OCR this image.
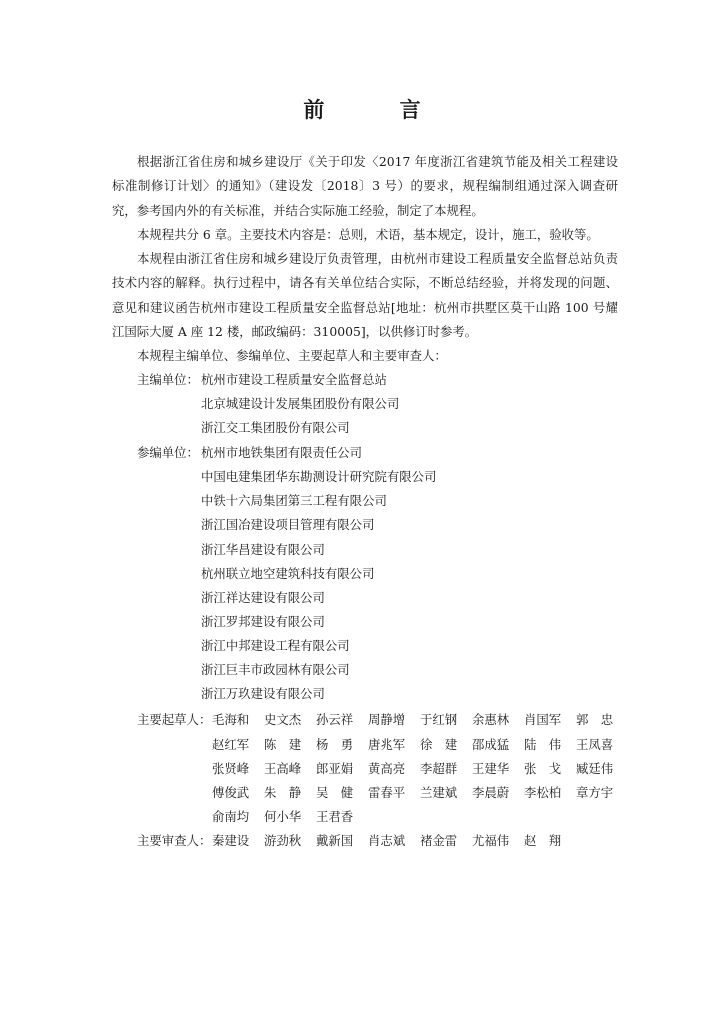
前 言
根据浙江省住房和城乡建设厅《关于印发〈2017 年度浙江省建筑节能及相关工程建设标准制修订计划〉的通知》（建设发〔2018〕3 号）的要求，规程编制组通过深入调查研究，参考国内外的有关标准，并结合实际施工经验，制定了本规程。
本规程共分 6 章。主要技术内容是：总则，术语，基本规定，设计，施工，验收等。
本规程由浙江省住房和城乡建设厅负责管理，由杭州市建设工程质量安全监督总站负责技术内容的解释。执行过程中，请各有关单位结合实际，不断总结经验，并将发现的问题、意见和建议函告杭州市建设工程质量安全监督总站[地址：杭州市拱墅区莫干山路 100 号耀江国际大厦 A 座 12 楼，邮政编码：310005]，以供修订时参考。
本规程主编单位、参编单位、主要起草人和主要审查人：
主编单位： 杭州市建设工程质量安全监督总站
北京城建设计发展集团股份有限公司
浙江交工集团股份有限公司
参编单位： 杭州市地铁集团有限责任公司
中国电建集团华东勘测设计研究院有限公司
中铁十六局集团第三工程有限公司
浙江国冶建设项目管理有限公司
浙江华昌建设有限公司
杭州联立地空建筑科技有限公司
浙江祥达建设有限公司
浙江罗邦建设有限公司
浙江中邦建设工程有限公司
浙江巨丰市政园林有限公司
浙江万玖建设有限公司
主要起草人： 毛海和 史文杰 孙云祥 周静增 于红钢 余惠林 肖国军 郭　忠
赵红军 陈　建 杨　勇 唐兆军 徐　建 邵成猛 陆　伟 王凤喜
张贤峰 王高峰 郎亚娟 黄高亮 李超群 王建华 张　戈 臧廷伟
傅俊武 朱　静 吴　健 雷春平 兰建斌 李晨蔚 李松柏 章方宇
俞南均 何小华 王君香
主要审查人： 秦建设 游劲秋 戴新国 肖志斌 褚金雷 尤福伟 赵　翔
